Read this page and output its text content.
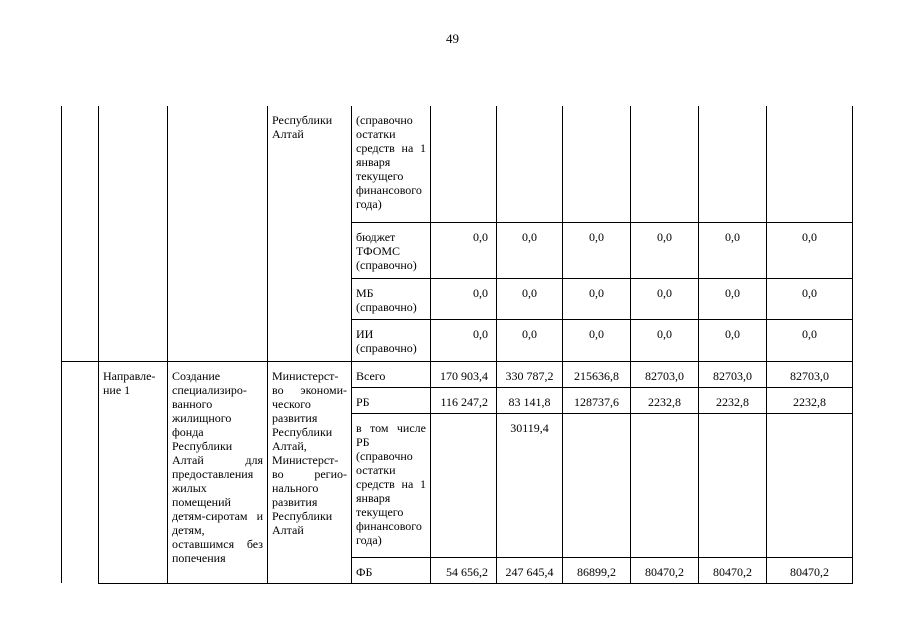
49
			Республики Алтай	(справочно остатки средств на 1 января текущего финансового года)						
				бюджет ТФОМС (справочно)	0,0	0,0	0,0	0,0	0,0	0,0
				МБ (справочно)	0,0	0,0	0,0	0,0	0,0	0,0
				ИИ (справочно)	0,0	0,0	0,0	0,0	0,0	0,0
	Направле-ние 1	Создание специализиро-ванного жилищного фонда Республики Алтай для предоставления жилых помещений детям-сиротам и детям, оставшимся без попечения	Министерст-во экономи-ческого развития Республики Алтай, Министерст-во регио-нального развития Республики Алтай	Всего	170 903,4	330 787,2	215636,8	82703,0	82703,0	82703,0
				РБ	116 247,2	83 141,8	128737,6	2232,8	2232,8	2232,8
				в том числе РБ (справочно остатки средств на 1 января текущего финансового года)		30119,4				
				ФБ	54 656,2	247 645,4	86899,2	80470,2	80470,2	80470,2
